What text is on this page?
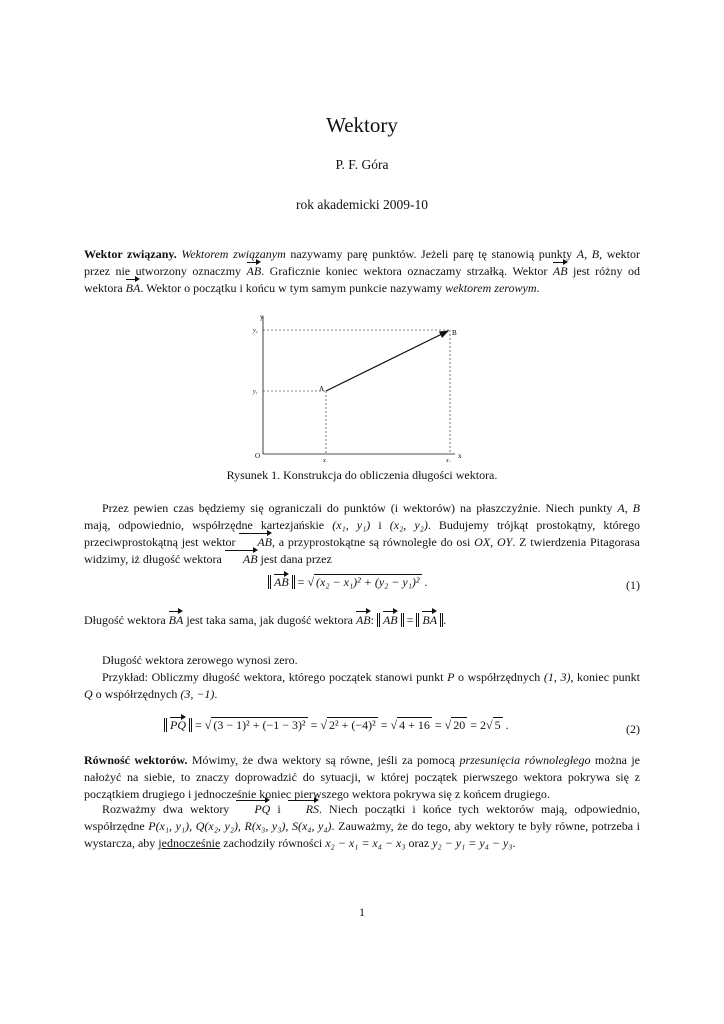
Wektory
P. F. Góra
rok akademicki 2009-10
Wektor związany. Wektorem związanym nazywamy parę punktów. Jeżeli parę tę stanowią punkty A, B, wektor przez nie utworzony oznaczmy AB. Graficznie koniec wektora oznaczamy strzałką. Wektor AB jest różny od wektora BA. Wektor o początku i końcu w tym samym punkcie nazywamy wektorem zerowym.
y
x
O
y₂
y₁
x₁	x₂
A
B
Rysunek 1. Konstrukcja do obliczenia długości wektora.
Przez pewien czas będziemy się ograniczali do punktów (i wektorów) na płaszczyźnie. Niech punkty A, B mają, odpowiednio, współrzędne kartezjańskie (x₁, y₁) i (x₂, y₂). Budujemy trójkąt prostokątny, którego przeciwprostokątną jest wektor AB, a przyprostokątne są równoległe do osi OX, OY. Z twierdzenia Pitagorasa widzimy, iż długość wektora AB jest dana przez
AB = √ (x₂ − x₁)² + (y₂ − y₁)² .	(1)
Długość wektora BA jest taka sama, jak dugość wektora AB: AB = BA .
Długość wektora zerowego wynosi zero.
Przykład: Obliczmy długość wektora, którego początek stanowi punkt P o współrzędnych (1, 3), koniec punkt Q o współrzędnych (3, −1).
PQ = √ (3 − 1)² + (−1 − 3)² = √ 2² + (−4)² = √ 4 + 16 = √ 20 = 2√ 5 .	(2)
Równość wektorów. Mówimy, że dwa wektory są równe, jeśli za pomocą przesunięcia równoległego można je nałożyć na siebie, to znaczy doprowadzić do sytuacji, w której początek pierwszego wektora pokrywa się z początkiem drugiego i jednocześnie koniec pierwszego wektora pokrywa się z końcem drugiego.
Rozważmy dwa wektory PQ i RS. Niech początki i końce tych wektorów mają, odpowiednio, współrzędne P(x₁, y₁), Q(x₂, y₂), R(x₃, y₃), S(x₄, y₄). Zauważmy, że do tego, aby wektory te były równe, potrzeba i wystarcza, aby jednocześnie zachodziły równości x₂ − x₁ = x₄ − x₃ oraz y₂ − y₁ = y₄ − y₃.
1
